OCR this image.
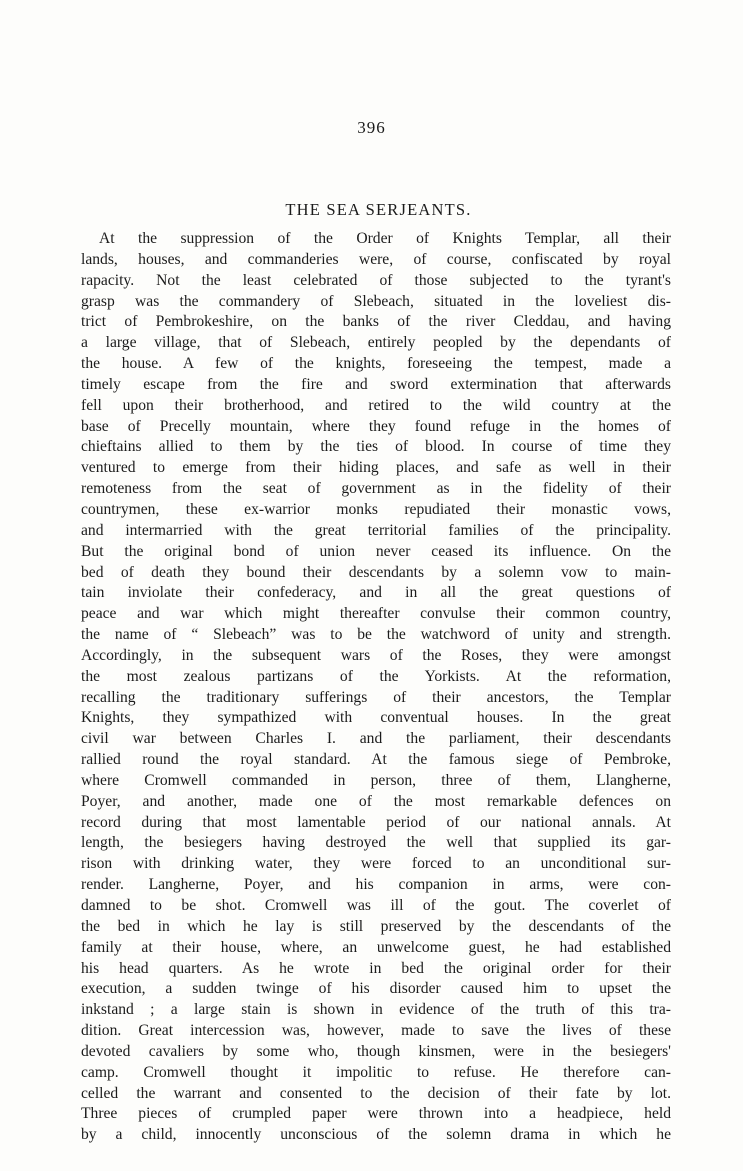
396
THE SEA SERJEANTS.
At the suppression of the Order of Knights Templar, all their
lands, houses, and commanderies were, of course, confiscated by royal
rapacity. Not the least celebrated of those subjected to the tyrant's
grasp was the commandery of Slebeach, situated in the loveliest dis-
trict of Pembrokeshire, on the banks of the river Cleddau, and having
a large village, that of Slebeach, entirely peopled by the dependants of
the house. A few of the knights, foreseeing the tempest, made a
timely escape from the fire and sword extermination that afterwards
fell upon their brotherhood, and retired to the wild country at the
base of Precelly mountain, where they found refuge in the homes of
chieftains allied to them by the ties of blood. In course of time they
ventured to emerge from their hiding places, and safe as well in their
remoteness from the seat of government as in the fidelity of their
countrymen, these ex-warrior monks repudiated their monastic vows,
and intermarried with the great territorial families of the principality.
But the original bond of union never ceased its influence. On the
bed of death they bound their descendants by a solemn vow to main-
tain inviolate their confederacy, and in all the great questions of
peace and war which might thereafter convulse their common country,
the name of “ Slebeach” was to be the watchword of unity and strength.
Accordingly, in the subsequent wars of the Roses, they were amongst
the most zealous partizans of the Yorkists. At the reformation,
recalling the traditionary sufferings of their ancestors, the Templar
Knights, they sympathized with conventual houses. In the great
civil war between Charles I. and the parliament, their descendants
rallied round the royal standard. At the famous siege of Pembroke,
where Cromwell commanded in person, three of them, Llangherne,
Poyer, and another, made one of the most remarkable defences on
record during that most lamentable period of our national annals. At
length, the besiegers having destroyed the well that supplied its gar-
rison with drinking water, they were forced to an unconditional sur-
render. Langherne, Poyer, and his companion in arms, were con-
damned to be shot. Cromwell was ill of the gout. The coverlet of
the bed in which he lay is still preserved by the descendants of the
family at their house, where, an unwelcome guest, he had established
his head quarters. As he wrote in bed the original order for their
execution, a sudden twinge of his disorder caused him to upset the
inkstand ; a large stain is shown in evidence of the truth of this tra-
dition. Great intercession was, however, made to save the lives of these
devoted cavaliers by some who, though kinsmen, were in the besiegers'
camp. Cromwell thought it impolitic to refuse. He therefore can-
celled the warrant and consented to the decision of their fate by lot.
Three pieces of crumpled paper were thrown into a headpiece, held
by a child, innocently unconscious of the solemn drama in which he
